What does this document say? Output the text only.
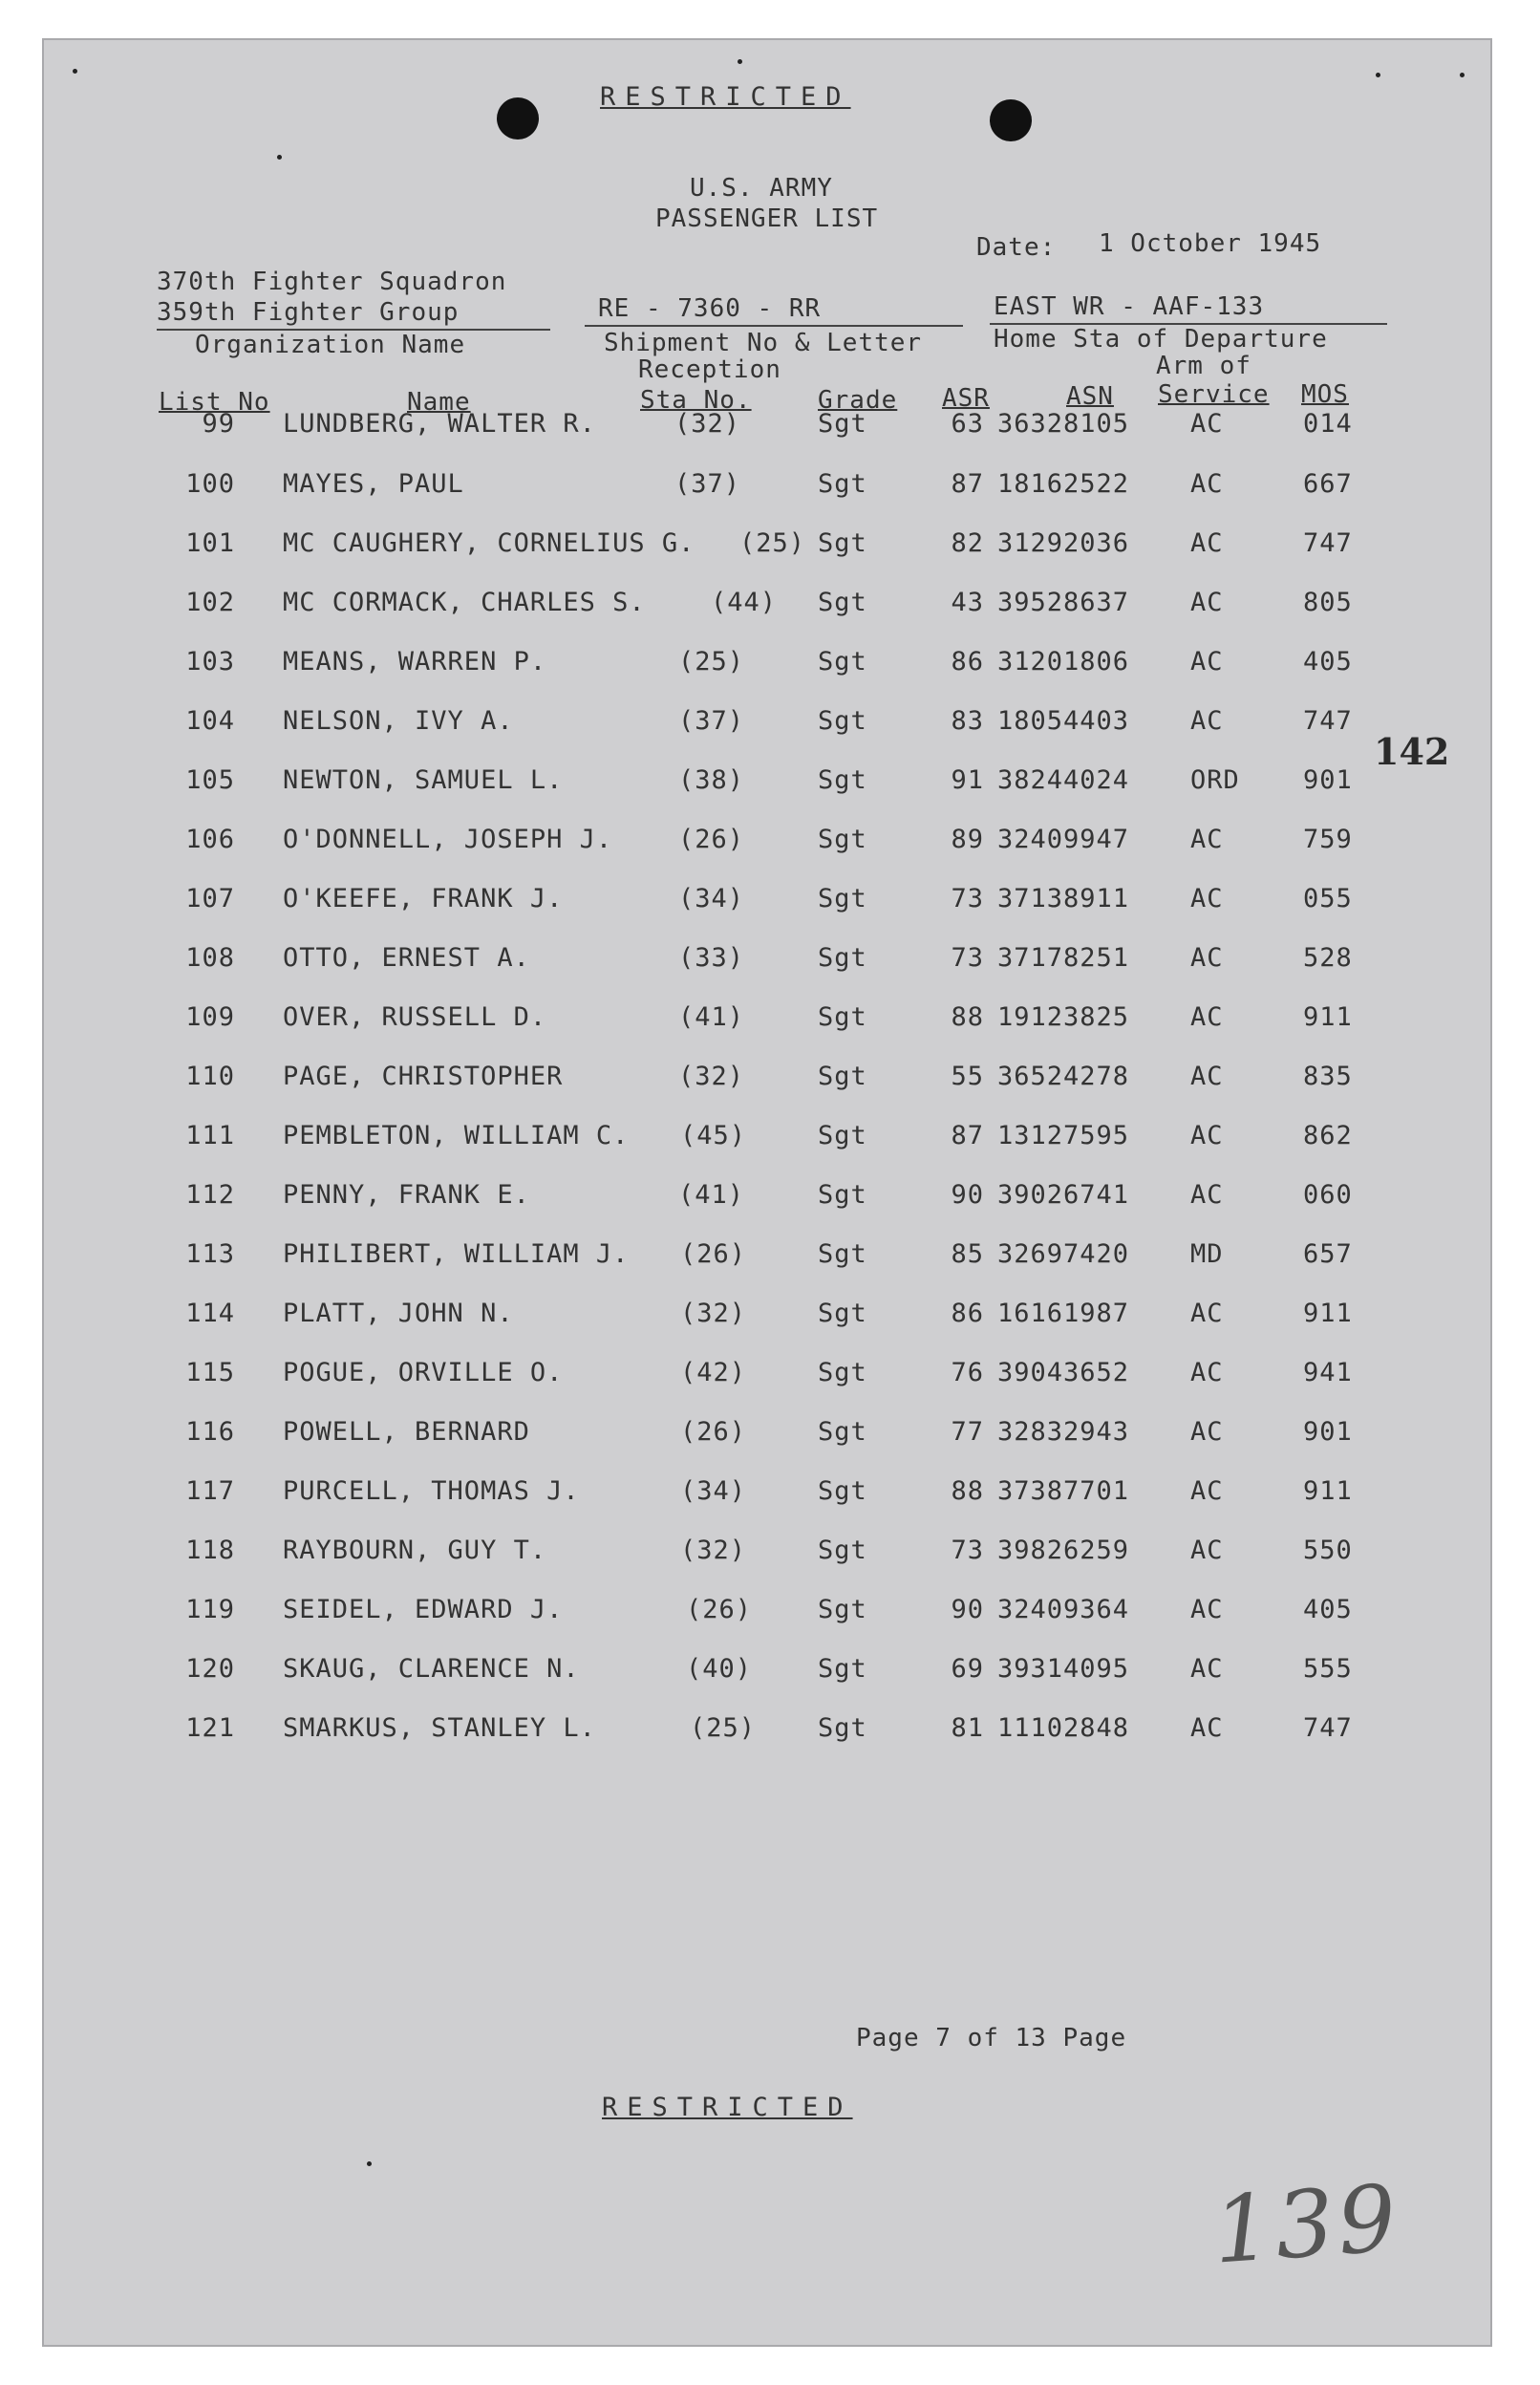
RESTRICTED
U.S. ARMY
PASSENGER LIST
Date: 1 October 1945
370th Fighter Squadron
359th Fighter Group
Organization Name
RE - 7360 - RR
Shipment No & Letter
EAST WR - AAF-133
Home Sta of Departure
Arm of
Reception
List No	Name	Sta No.	Grade ASR	ASN Service MOS
99 LUNDBERG, WALTER R.	(32)	Sgt	63 36328105 AC	014
100 MAYES, PAUL	(37)	Sgt	87 18162522 AC	667
101 MC CAUGHERY, CORNELIUS G. (25) Sgt	82 31292036 AC	747
102 MC CORMACK, CHARLES S.	(44) Sgt	43 39528637 AC	805
103 MEANS, WARREN P.	(25)	Sgt	86 31201806 AC	405
104 NELSON, IVY A.	(37)	Sgt	83 18054403 AC	747
105 NEWTON, SAMUEL L.	(38)	Sgt	91 38244024 ORD 901
106 O'DONNELL, JOSEPH J.	(26)	Sgt	89 32409947 AC	759
107 O'KEEFE, FRANK J.	(34)	Sgt	73 37138911 AC	055
108 OTTO, ERNEST A.	(33)	Sgt	73 37178251 AC	528
109 OVER, RUSSELL D.	(41)	Sgt	88 19123825 AC	911
110 PAGE, CHRISTOPHER	(32)	Sgt	55 36524278 AC	835
111 PEMBLETON, WILLIAM C. (45)	Sgt	87 13127595 AC	862
112 PENNY, FRANK E.	(41)	Sgt	90 39026741 AC	060
113 PHILIBERT, WILLIAM J. (26)	Sgt	85 32697420 MD	657
114 PLATT, JOHN N.	(32)	Sgt	86 16161987 AC	911
115 POGUE, ORVILLE O.	(42)	Sgt	76 39043652 AC	941
116 POWELL, BERNARD	(26)	Sgt	77 32832943 AC	901
117 PURCELL, THOMAS J.	(34)	Sgt	88 37387701 AC	911
118 RAYBOURN, GUY T.	(32)	Sgt	73 39826259 AC	550
119 SEIDEL, EDWARD J.	(26)	Sgt	90 32409364 AC	405
120 SKAUG, CLARENCE N.	(40)	Sgt	69 39314095 AC	555
121 SMARKUS, STANLEY L.	(25) Sgt	81 11102848 AC	747
142
Page 7 of 13 Page
RESTRICTED
139
